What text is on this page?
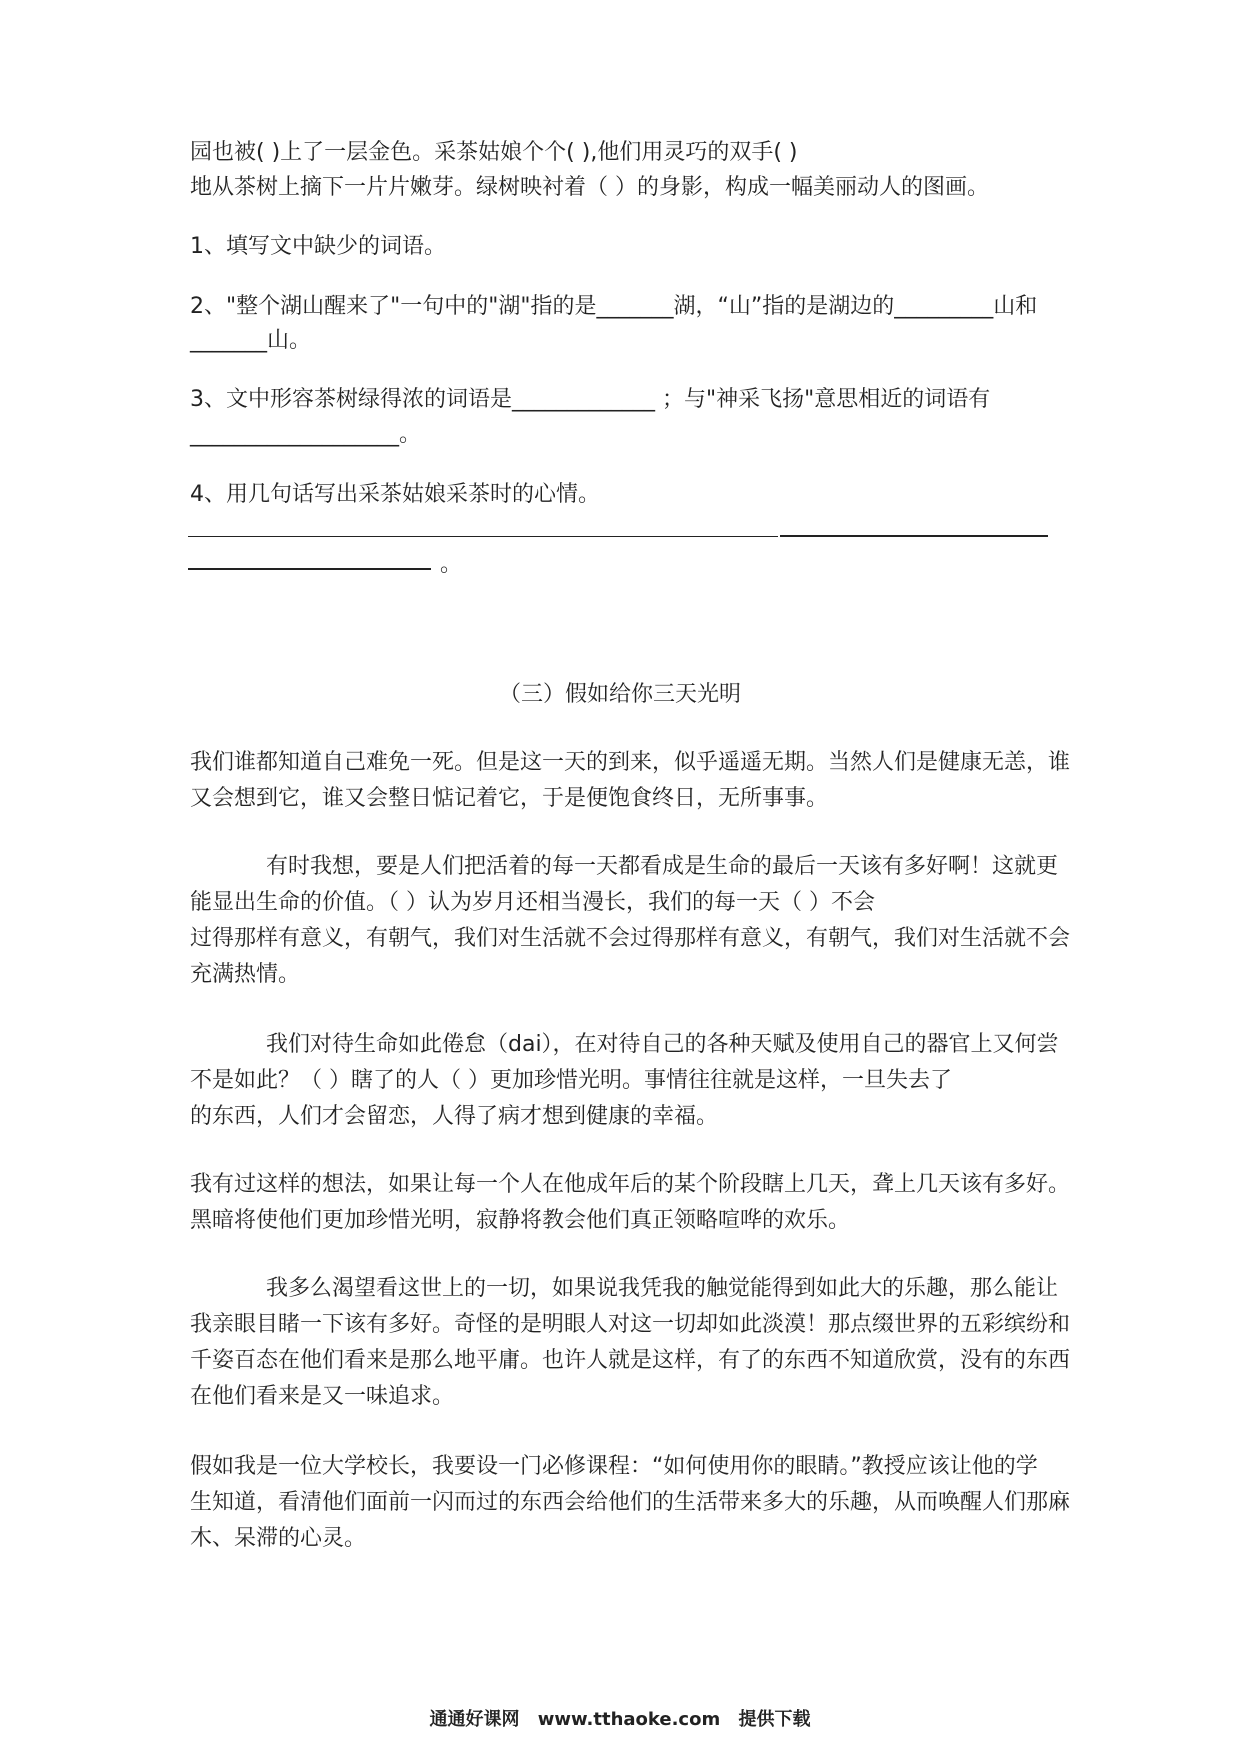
园也被( )上了一层金色。采茶姑娘个个( ),他们用灵巧的双手( )
地从茶树上摘下一片片嫩芽。绿树映衬着（ ）的身影，构成一幅美丽动人的图画。
1、填写文中缺少的词语。
2、"整个湖山醒来了"一句中的"湖"指的是_______湖，“山”指的是湖边的_________山和
_______山。
3、文中形容茶树绿得浓的词语是_____________ ；与"神采飞扬"意思相近的词语有
___________________。
4、用几句话写出采茶姑娘采茶时的心情。
。
（三）假如给你三天光明
我们谁都知道自己难免一死。但是这一天的到来，似乎遥遥无期。当然人们是健康无恙，谁
又会想到它，谁又会整日惦记着它，于是便饱食终日，无所事事。
有时我想，要是人们把活着的每一天都看成是生命的最后一天该有多好啊！这就更
能显出生命的价值。（ ）认为岁月还相当漫长，我们的每一天（ ）不会
过得那样有意义，有朝气，我们对生活就不会过得那样有意义，有朝气，我们对生活就不会
充满热情。
我们对待生命如此倦怠（dai），在对待自己的各种天赋及使用自己的器官上又何尝
不是如此？（ ）瞎了的人（ ）更加珍惜光明。事情往往就是这样，一旦失去了
的东西，人们才会留恋，人得了病才想到健康的幸福。
我有过这样的想法，如果让每一个人在他成年后的某个阶段瞎上几天，聋上几天该有多好。
黑暗将使他们更加珍惜光明，寂静将教会他们真正领略喧哗的欢乐。
我多么渴望看这世上的一切，如果说我凭我的触觉能得到如此大的乐趣，那么能让
我亲眼目睹一下该有多好。奇怪的是明眼人对这一切却如此淡漠！那点缀世界的五彩缤纷和
千姿百态在他们看来是那么地平庸。也许人就是这样，有了的东西不知道欣赏，没有的东西
在他们看来是又一味追求。
假如我是一位大学校长，我要设一门必修课程：“如何使用你的眼睛。”教授应该让他的学
生知道，看清他们面前一闪而过的东西会给他们的生活带来多大的乐趣，从而唤醒人们那麻
木、呆滞的心灵。
通通好课网 www.tthaoke.com 提供下载
